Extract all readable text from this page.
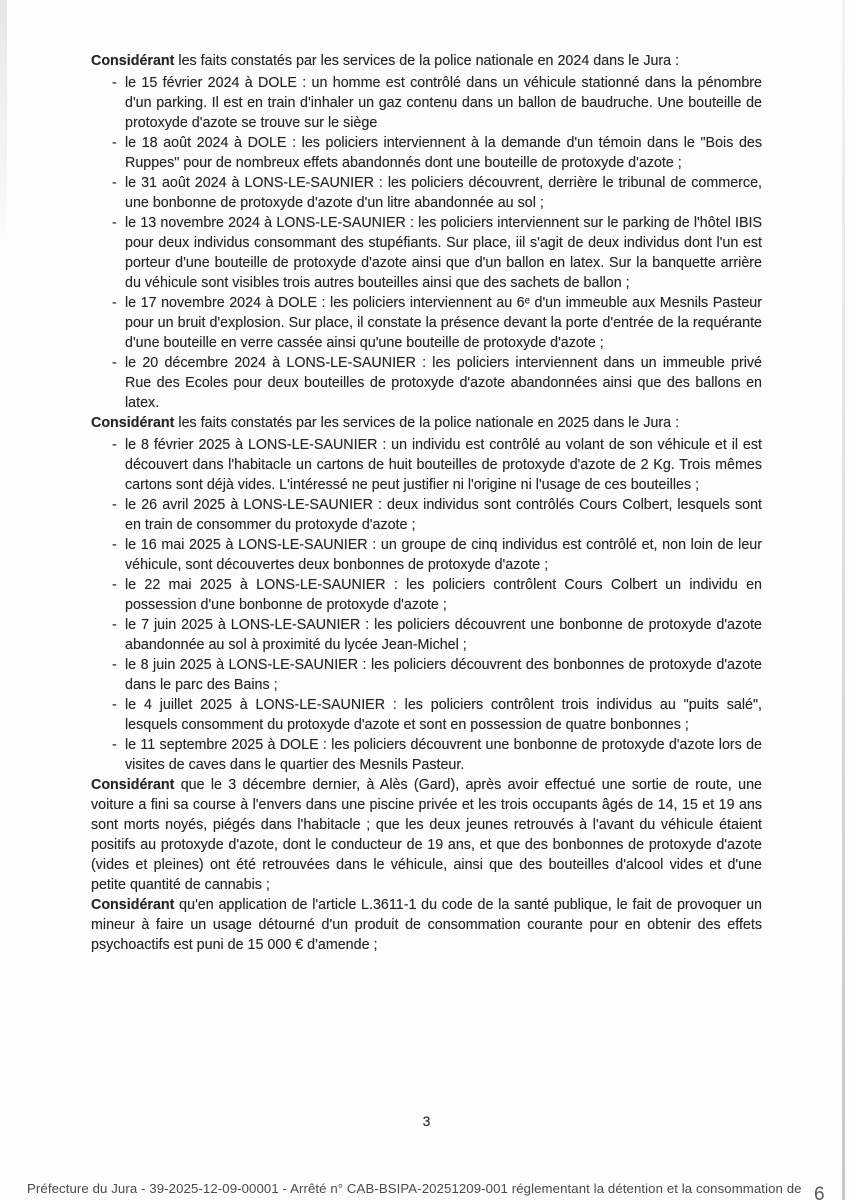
Considérant les faits constatés par les services de la police nationale en 2024 dans le Jura :

- le 15 février 2024 à DOLE : un homme est contrôlé dans un véhicule stationné dans la pénombre d'un parking. Il est en train d'inhaler un gaz contenu dans un ballon de baudruche. Une bouteille de protoxyde d'azote se trouve sur le siège
- le 18 août 2024 à DOLE : les policiers interviennent à la demande d'un témoin dans le "Bois des Ruppes" pour de nombreux effets abandonnés dont une bouteille de protoxyde d'azote ;
- le 31 août 2024 à LONS-LE-SAUNIER : les policiers découvrent, derrière le tribunal de commerce, une bonbonne de protoxyde d'azote d'un litre abandonnée au sol ;
- le 13 novembre 2024 à LONS-LE-SAUNIER : les policiers interviennent sur le parking de l'hôtel IBIS pour deux individus consommant des stupéfiants. Sur place, iil s'agit de deux individus dont l'un est porteur d'une bouteille de protoxyde d'azote ainsi que d'un ballon en latex. Sur la banquette arrière du véhicule sont visibles trois autres bouteilles ainsi que des sachets de ballon ;
- le 17 novembre 2024 à DOLE : les policiers interviennent au 6ᵉ d'un immeuble aux Mesnils Pasteur pour un bruit d'explosion. Sur place, il constate la présence devant la porte d'entrée de la requérante d'une bouteille en verre cassée ainsi qu'une bouteille de protoxyde d'azote ;
- le 20 décembre 2024 à LONS-LE-SAUNIER : les policiers interviennent dans un immeuble privé Rue des Ecoles pour deux bouteilles de protoxyde d'azote abandonnées ainsi que des ballons en latex.

Considérant les faits constatés par les services de la police nationale en 2025 dans le Jura :

- le 8 février 2025 à LONS-LE-SAUNIER : un individu est contrôlé au volant de son véhicule et il est découvert dans l'habitacle un cartons de huit bouteilles de protoxyde d'azote de 2 Kg. Trois mêmes cartons sont déjà vides. L'intéressé ne peut justifier ni l'origine ni l'usage de ces bouteilles ;
- le 26 avril 2025 à LONS-LE-SAUNIER : deux individus sont contrôlés Cours Colbert, lesquels sont en train de consommer du protoxyde d'azote ;
- le 16 mai 2025 à LONS-LE-SAUNIER : un groupe de cinq individus est contrôlé et, non loin de leur véhicule, sont découvertes deux bonbonnes de protoxyde d'azote ;
- le 22 mai 2025 à LONS-LE-SAUNIER : les policiers contrôlent Cours Colbert un individu en possession d'une bonbonne de protoxyde d'azote ;
- le 7 juin 2025 à LONS-LE-SAUNIER : les policiers découvrent une bonbonne de protoxyde d'azote abandonnée au sol à proximité du lycée Jean-Michel ;
- le 8 juin 2025 à LONS-LE-SAUNIER : les policiers découvrent des bonbonnes de protoxyde d'azote dans le parc des Bains ;
- le 4 juillet 2025 à LONS-LE-SAUNIER : les policiers contrôlent trois individus au "puits salé", lesquels consomment du protoxyde d'azote et sont en possession de quatre bonbonnes ;
- le 11 septembre 2025 à DOLE : les policiers découvrent une bonbonne de protoxyde d'azote lors de visites de caves dans le quartier des Mesnils Pasteur.

Considérant que le 3 décembre dernier, à Alès (Gard), après avoir effectué une sortie de route, une voiture a fini sa course à l'envers dans une piscine privée et les trois occupants âgés de 14, 15 et 19 ans sont morts noyés, piégés dans l'habitacle ; que les deux jeunes retrouvés à l'avant du véhicule étaient positifs au protoxyde d'azote, dont le conducteur de 19 ans, et que des bonbonnes de protoxyde d'azote (vides et pleines) ont été retrouvées dans le véhicule, ainsi que des bouteilles d'alcool vides et d'une petite quantité de cannabis ;

Considérant qu'en application de l'article L.3611-1 du code de la santé publique, le fait de provoquer un mineur à faire un usage détourné d'un produit de consommation courante pour en obtenir des effets psychoactifs est puni de 15 000 € d'amende ;

3
Préfecture du Jura - 39-2025-12-09-00001 - Arrêté n° CAB-BSIPA-20251209-001 réglementant la détention et la consommation de 6
